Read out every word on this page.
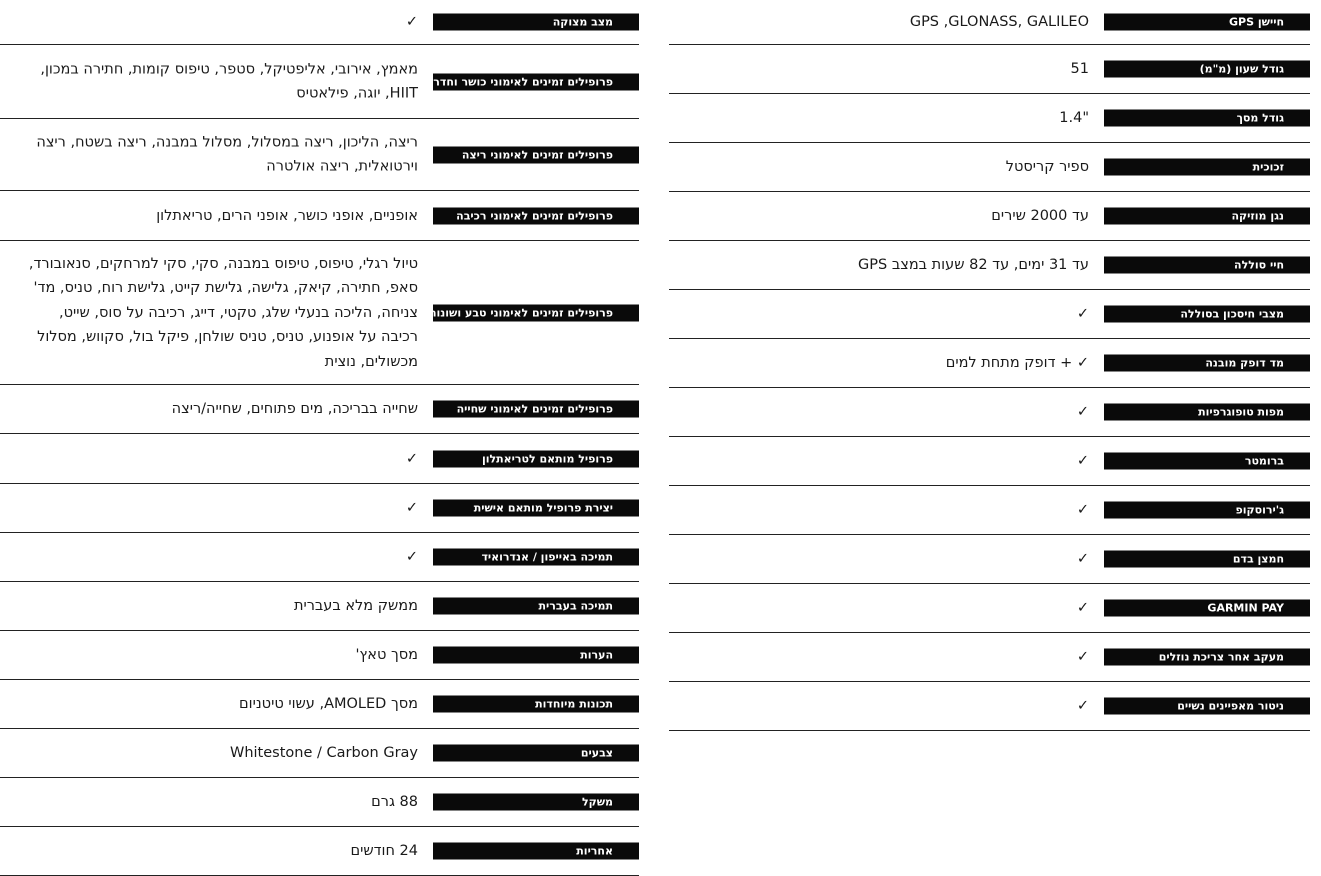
מצב מצוקה
✓
פרופילים זמינים לאימוני כושר וחדר כושר
מאמץ, אירובי, אליפטיקל, סטפר, טיפוס קומות, חתירה במכון, HIIT, יוגה, פילאטיס
פרופילים זמינים לאימוני ריצה
ריצה, הליכון, ריצה במסלול, מסלול במבנה, ריצה בשטח, ריצה וירטואלית, ריצה אולטרה
פרופילים זמינים לאימוני רכיבה
אופניים, אופני כושר, אופני הרים, טריאתלון
פרופילים זמינים לאימוני טבע ושונות
טיול רגלי, טיפוס, טיפוס במבנה, סקי, סקי למרחקים, סנאובורד, סאפ, חתירה, קיאק, גלישה, גלישת קייט, גלישת רוח, טניס, מד' צניחה, הליכה בנעלי שלג, טקטי, דייג, רכיבה על סוס, שייט, רכיבה על אופנוע, טניס, טניס שולחן, פיקל בול, סקווש, מסלול מכשולים, נוצית
פרופילים זמינים לאימוני שחייה
שחייה בבריכה, מים פתוחים, שחייה/ריצה
פרופיל מותאם לטריאתלון
✓
יצירת פרופיל מותאם אישית
✓
תמיכה באייפון / אנדרואיד
✓
תמיכה בעברית
ממשק מלא בעברית
הערות
מסך טאץ'
תכונות מיוחדות
מסך AMOLED, עשוי טיטניום
צבעים
Whitestone / Carbon Gray
משקל
88 גרם
אחריות
24 חודשים
חיישן GPS
GPS ,GLONASS, GALILEO
גודל שעון (מ"מ)
51
גודל מסך
"1.4
זכוכית
ספיר קריסטל
נגן מוזיקה
עד 2000 שירים
חיי סוללה
עד 31 ימים, עד 82 שעות במצב GPS
מצבי חיסכון בסוללה
✓
מד דופק מובנה
✓ + דופק מתחת למים
מפות טופוגרפיות
✓
ברומטר
✓
ג'ירוסקופ
✓
חמצן בדם
✓
GARMIN PAY
✓
מעקב אחר צריכת נוזלים
✓
ניטור מאפיינים נשיים
✓
